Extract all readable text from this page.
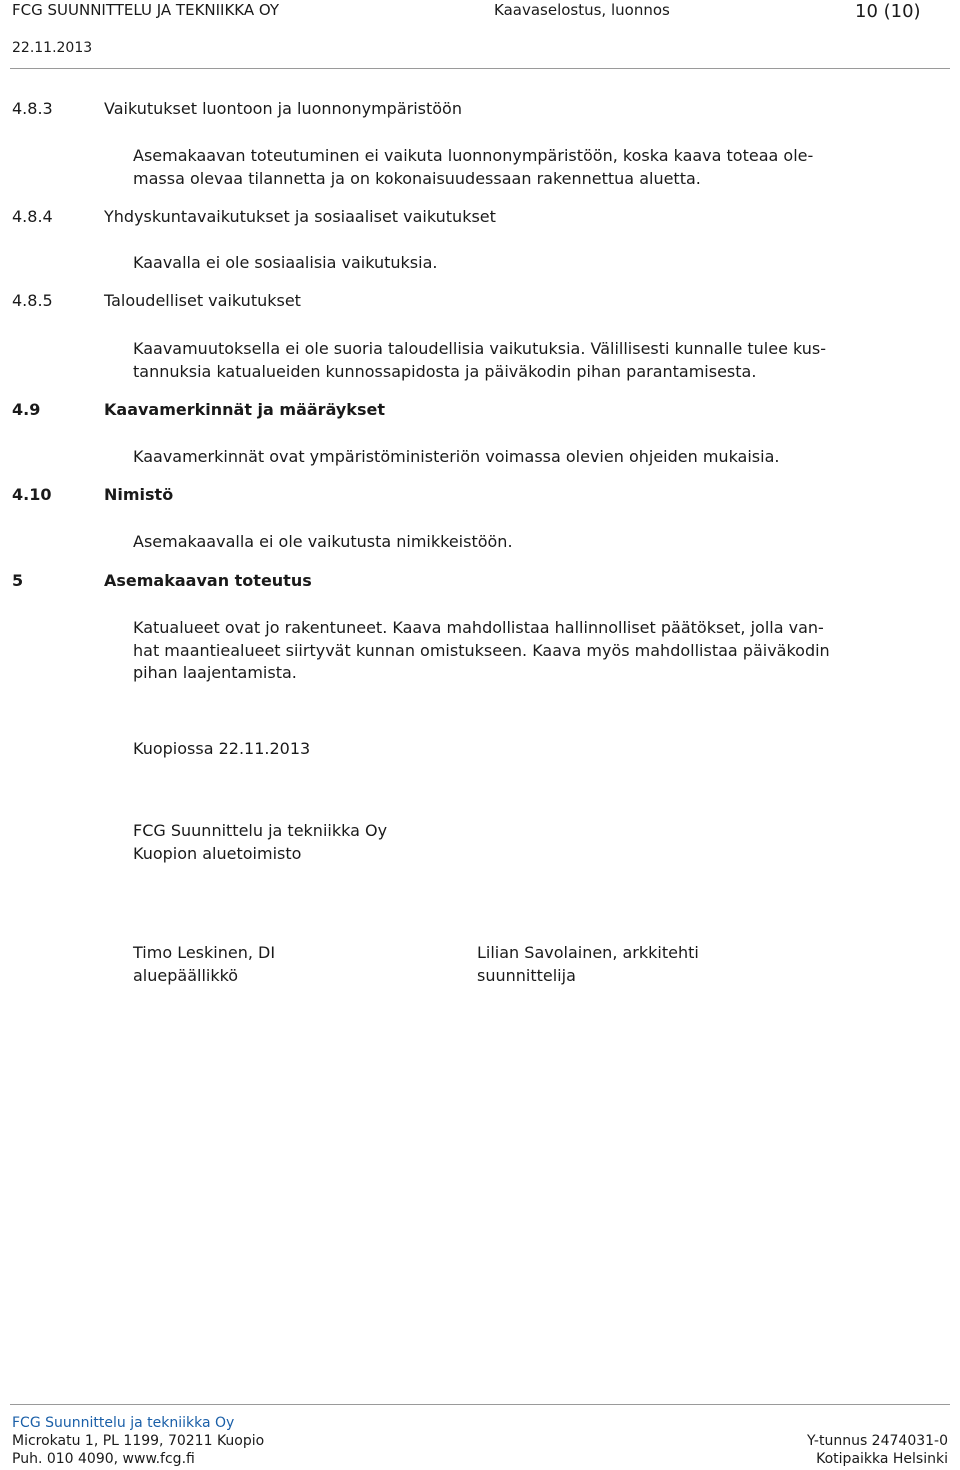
FCG SUUNNITTELU JA TEKNIIKKA OY	Kaavaselostus, luonnos	10 (10)
22.11.2013
4.8.3	Vaikutukset luontoon ja luonnonympäristöön
Asemakaavan toteutuminen ei vaikuta luonnonympäristöön, koska kaava toteaa ole-
massa olevaa tilannetta ja on kokonaisuudessaan rakennettua aluetta.
4.8.4	Yhdyskuntavaikutukset ja sosiaaliset vaikutukset
Kaavalla ei ole sosiaalisia vaikutuksia.
4.8.5	Taloudelliset vaikutukset
Kaavamuutoksella ei ole suoria taloudellisia vaikutuksia. Välillisesti kunnalle tulee kus-
tannuksia katualueiden kunnossapidosta ja päiväkodin pihan parantamisesta.
4.9	Kaavamerkinnät ja määräykset
Kaavamerkinnät ovat ympäristöministeriön voimassa olevien ohjeiden mukaisia.
4.10	Nimistö
Asemakaavalla ei ole vaikutusta nimikkeistöön.
5	Asemakaavan toteutus
Katualueet ovat jo rakentuneet. Kaava mahdollistaa hallinnolliset päätökset, jolla van-
hat maantiealueet siirtyvät kunnan omistukseen. Kaava myös mahdollistaa päiväkodin
pihan laajentamista.
Kuopiossa 22.11.2013
FCG Suunnittelu ja tekniikka Oy
Kuopion aluetoimisto
Timo Leskinen, DI
aluepäällikkö
Lilian Savolainen, arkkitehti
suunnittelija
FCG Suunnittelu ja tekniikka Oy
Microkatu 1, PL 1199, 70211 Kuopio
Puh. 010 4090, www.fcg.fi
Y-tunnus 2474031-0
Kotipaikka Helsinki
